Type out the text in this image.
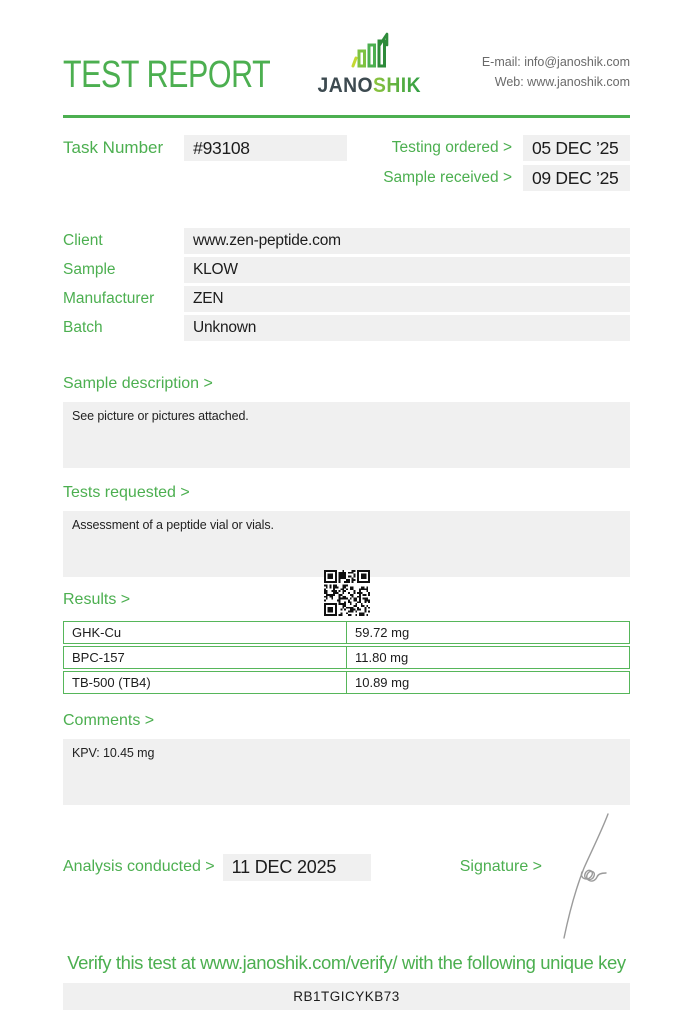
TEST REPORT JANOSHIK
E-mail: info@janoshik.com
Web: www.janoshik.com
Task Number	#93108	Testing ordered >	05 DEC ’25
Sample received >	09 DEC ’25
Client	www.zen-peptide.com
Sample	KLOW
Manufacturer	ZEN
Batch	Unknown
Sample description >
See picture or pictures attached.
Tests requested >
Assessment of a peptide vial or vials.
Results >
GHK-Cu	59.72 mg
BPC-157	11.80 mg
TB-500 (TB4)	10.89 mg
Comments >
KPV: 10.45 mg
Analysis conducted > 11 DEC 2025	Signature >
Verify this test at www.janoshik.com/verify/ with the following unique key
RB1TGICYKB73
